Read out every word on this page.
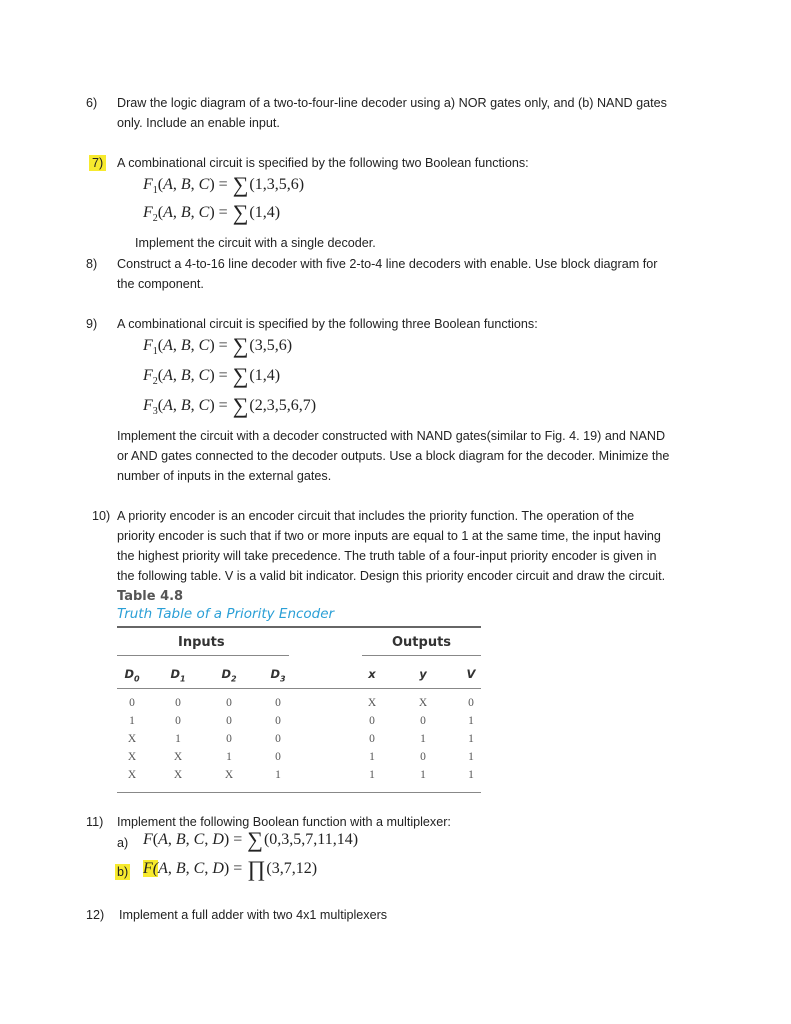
6) Draw the logic diagram of a two-to-four-line decoder using a) NOR gates only, and (b) NAND gates
only. Include an enable input.
7) A combinational circuit is specified by the following two Boolean functions:
$F_1(A$, B, C) = ∑(1,3,5,6)
$F_2(A$, B, C) = ∑(1,4)
Implement the circuit with a single decoder.
8) Construct a 4-to-16 line decoder with five 2-to-4 line decoders with enable. Use block diagram for
the component.
9) A combinational circuit is specified by the following three Boolean functions:
$F_1(A$, B, C) = ∑(3,5,6)
$F_2(A$, B, C) = ∑(1,4)
$F_3(A$, B, C) = ∑(2,3,5,6,7)
Implement the circuit with a decoder constructed with NAND gates(similar to Fig. 4. 19) and NAND
or AND gates connected to the decoder outputs. Use a block diagram for the decoder. Minimize the
number of inputs in the external gates.
10) A priority encoder is an encoder circuit that includes the priority function. The operation of the
priority encoder is such that if two or more inputs are equal to 1 at the same time, the input having
the highest priority will take precedence. The truth table of a four-input priority encoder is given in
the following table. V is a valid bit indicator. Design this priority encoder circuit and draw the circuit.
Table 4.8
Truth Table of a Priority Encoder
Inputs	Outputs
$D_0$	$D_1$	$D_2$	$D_3$	x	y	V
0	0	0	0	X	X	0
1	0	0	0	0	0	1
X	1	0	0	0	1	1
X	X	1	0	1	0	1
X	X	X	1	1	1	1
11) Implement the following Boolean function with a multiplexer:
a) F(A, B, C, D) = ∑(0,3,5,7,11,14)
b) F(A, B, C, D) = ∏(3,7,12)
12) Implement a full adder with two 4x1 multiplexers
